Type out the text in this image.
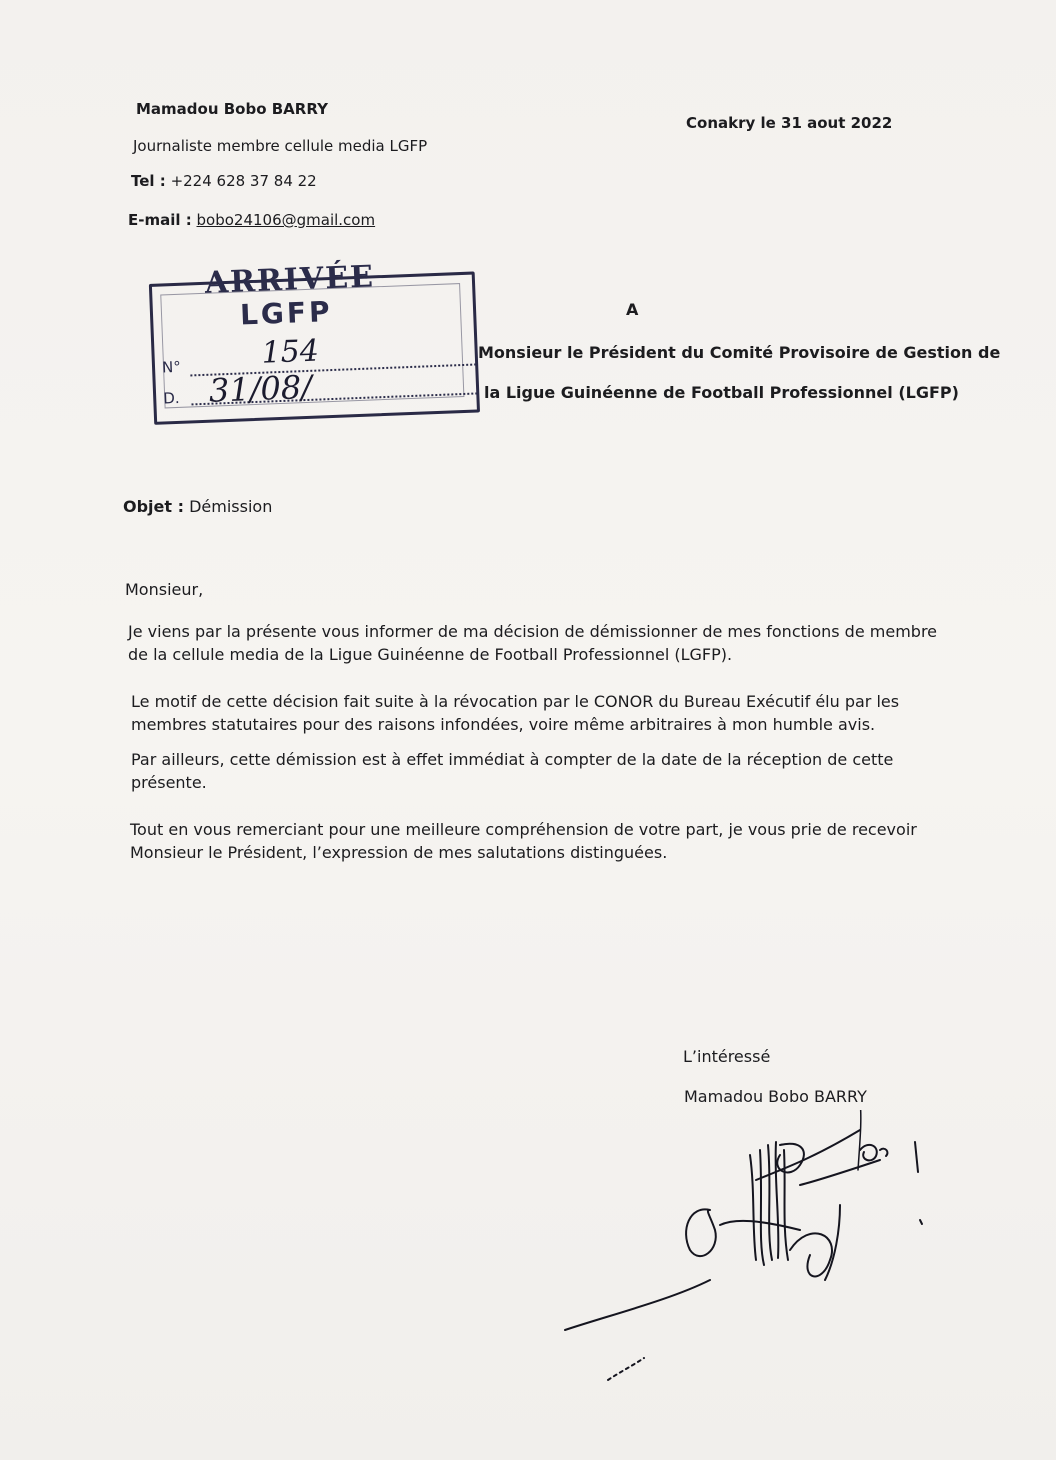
Mamadou Bobo BARRY
Journaliste membre cellule media LGFP
Tel : +224 628 37 84 22
E-mail : bobo24106@gmail.com
Conakry le 31 aout 2022
ARRIVÉE
LGFP
N°	154
D. 31/08/
A
Monsieur le Président du Comité Provisoire de Gestion de
la Ligue Guinéenne de Football Professionnel (LGFP)
Objet : Démission
Monsieur,
Je viens par la présente vous informer de ma décision de démissionner de mes fonctions de membre
de la cellule media de la Ligue Guinéenne de Football Professionnel (LGFP).
Le motif de cette décision fait suite à la révocation par le CONOR du Bureau Exécutif élu par les
membres statutaires pour des raisons infondées, voire même arbitraires à mon humble avis.
Par ailleurs, cette démission est à effet immédiat à compter de la date de la réception de cette
présente.
Tout en vous remerciant pour une meilleure compréhension de votre part, je vous prie de recevoir
Monsieur le Président, l’expression de mes salutations distinguées.
L’intéressé
Mamadou Bobo BARRY
